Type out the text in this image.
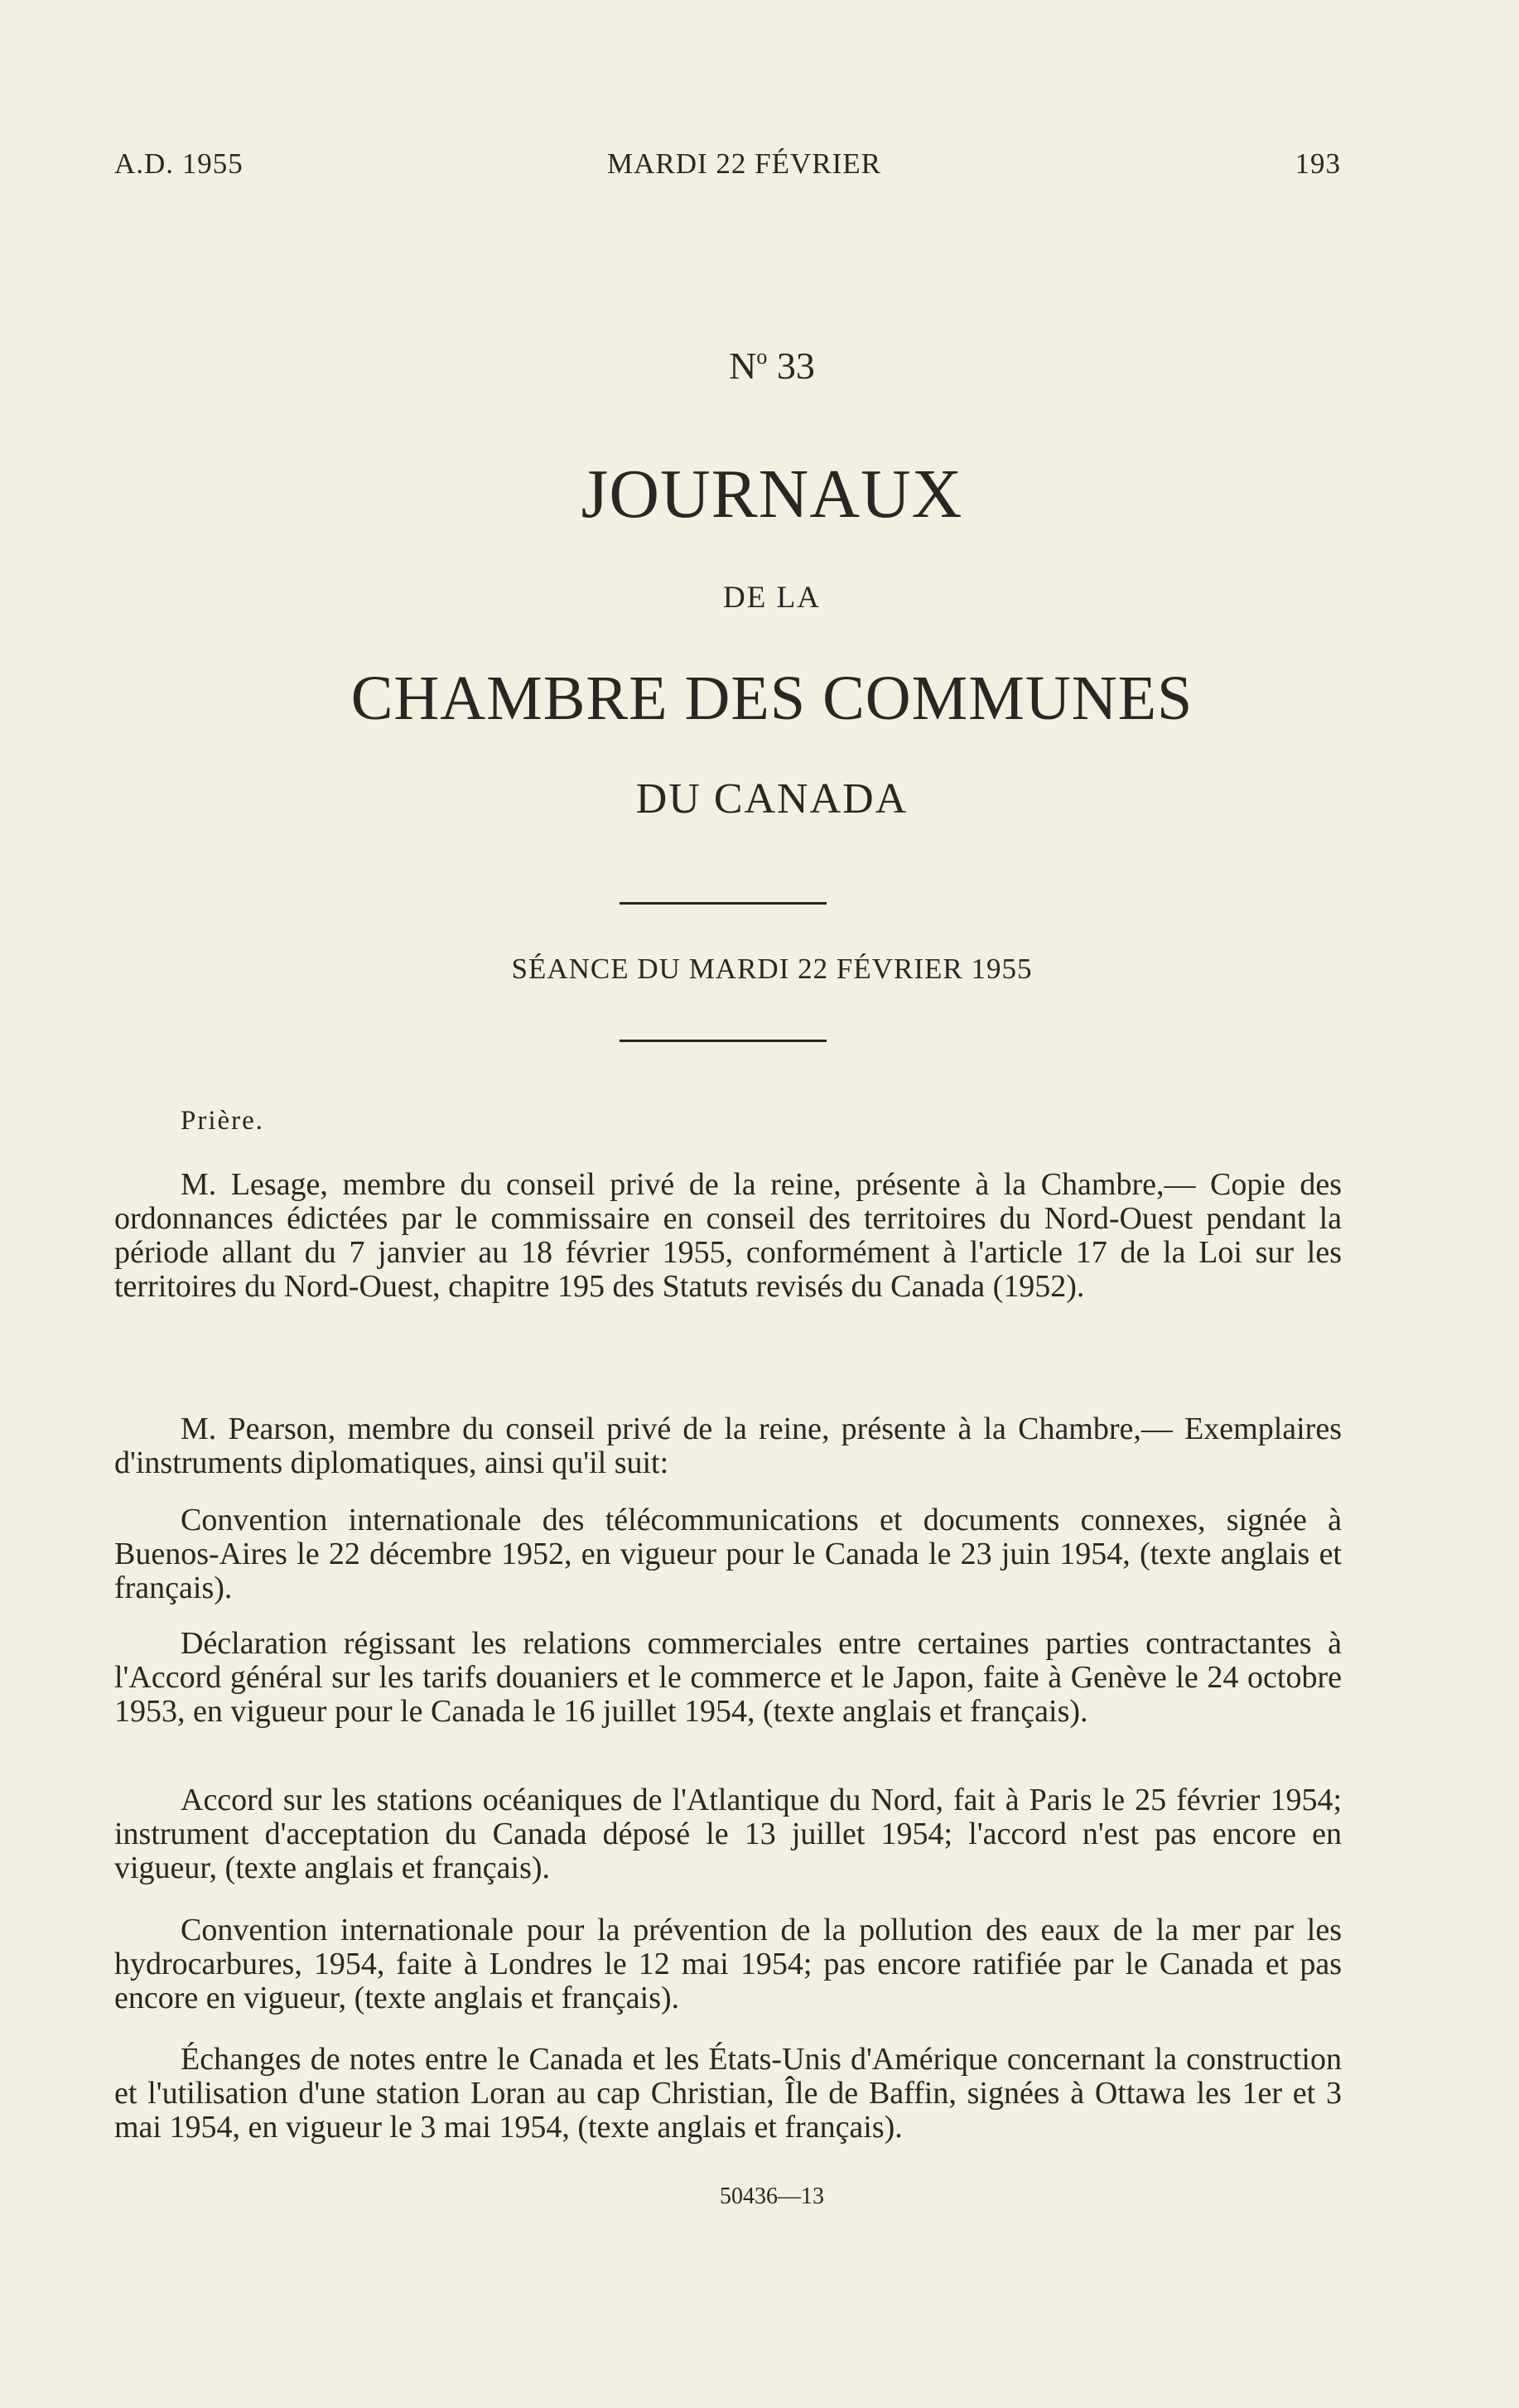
A.D. 1955	MARDI 22 FÉVRIER	193
$N^o$ 33
JOURNAUX
DE LA
CHAMBRE DES COMMUNES
DU CANADA
SÉANCE DU MARDI 22 FÉVRIER 1955
Prière.

M. Lesage, membre du conseil privé de la reine, présente à la Chambre,— Copie des ordonnances édictées par le commissaire en conseil des territoires du Nord-Ouest pendant la période allant du 7 janvier au 18 février 1955, conformément à l'article 17 de la Loi sur les territoires du Nord-Ouest, chapitre 195 des Statuts revisés du Canada (1952).

M. Pearson, membre du conseil privé de la reine, présente à la Chambre,— Exemplaires d'instruments diplomatiques, ainsi qu'il suit:

Convention internationale des télécommunications et documents connexes, signée à Buenos-Aires le 22 décembre 1952, en vigueur pour le Canada le 23 juin 1954, (texte anglais et français).

Déclaration régissant les relations commerciales entre certaines parties contractantes à l'Accord général sur les tarifs douaniers et le commerce et le Japon, faite à Genève le 24 octobre 1953, en vigueur pour le Canada le 16 juillet 1954, (texte anglais et français).

Accord sur les stations océaniques de l'Atlantique du Nord, fait à Paris le 25 février 1954; instrument d'acceptation du Canada déposé le 13 juillet 1954; l'accord n'est pas encore en vigueur, (texte anglais et français).

Convention internationale pour la prévention de la pollution des eaux de la mer par les hydrocarbures, 1954, faite à Londres le 12 mai 1954; pas encore ratifiée par le Canada et pas encore en vigueur, (texte anglais et français).

Échanges de notes entre le Canada et les États-Unis d'Amérique concernant la construction et l'utilisation d'une station Loran au cap Christian, Île de Baffin, signées à Ottawa les 1er et 3 mai 1954, en vigueur le 3 mai 1954, (texte anglais et français).

50436—13
